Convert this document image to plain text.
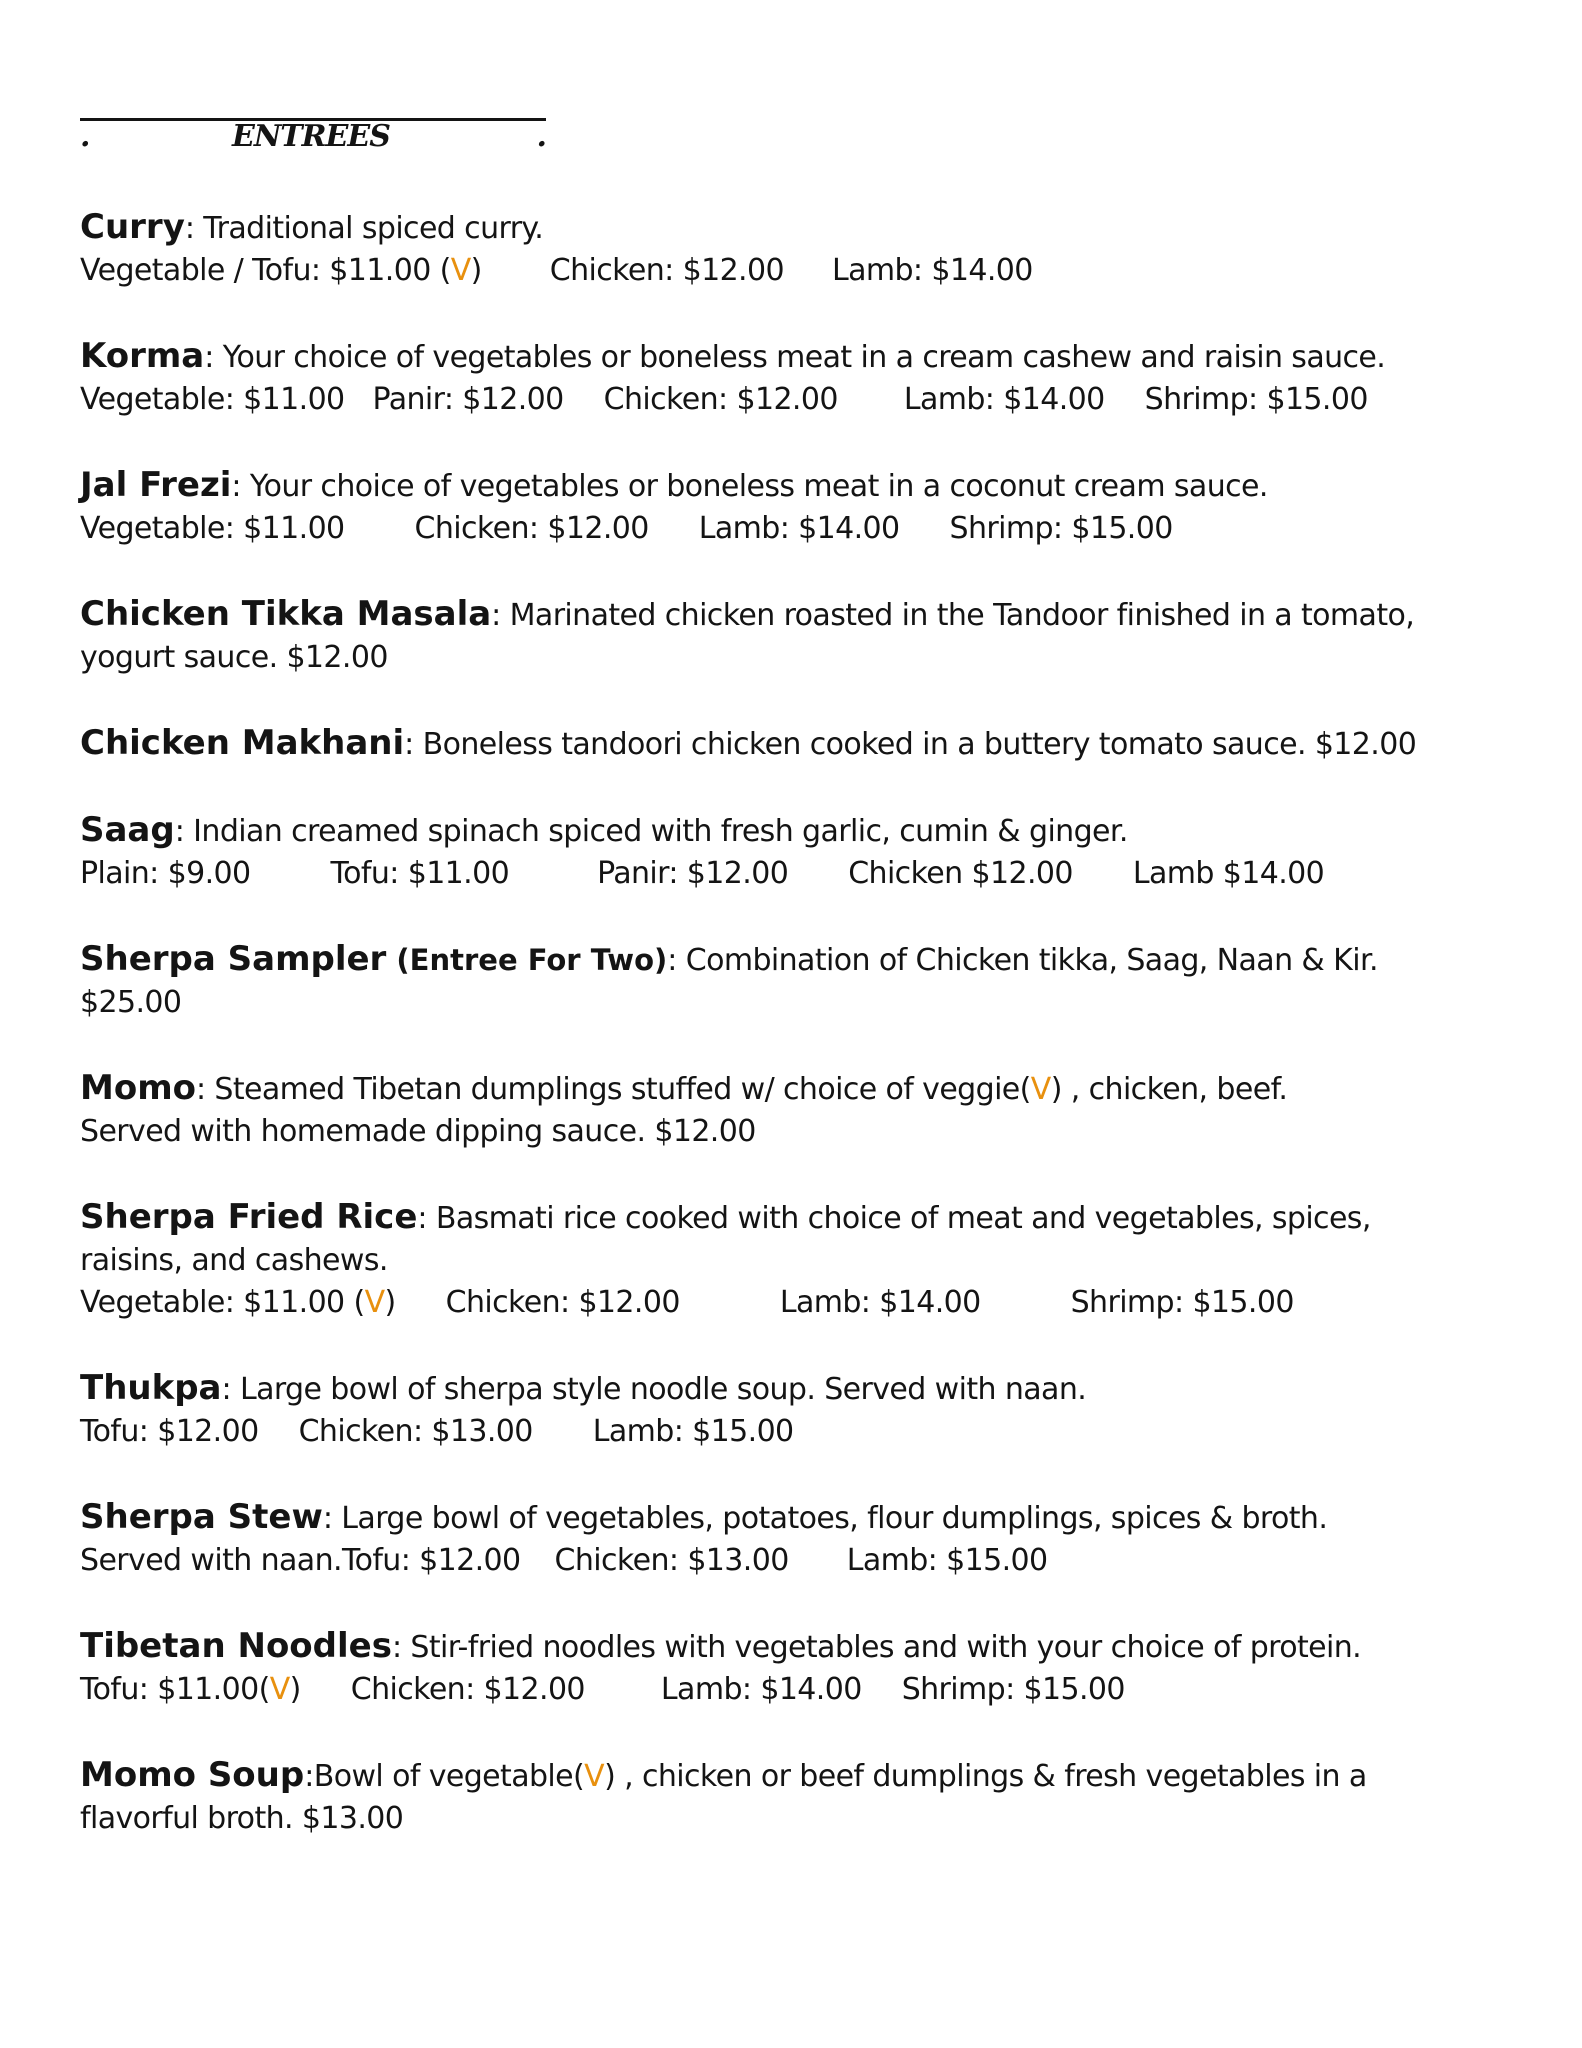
.	ENTREES	.
Curry: Traditional spiced curry.
Vegetable / Tofu: $11.00 (V) Chicken: $12.00 Lamb: $14.00
Korma: Your choice of vegetables or boneless meat in a cream cashew and raisin sauce.
Vegetable: $11.00 Panir: $12.00 Chicken: $12.00 Lamb: $14.00 Shrimp: $15.00
Jal Frezi: Your choice of vegetables or boneless meat in a coconut cream sauce.
Vegetable: $11.00 Chicken: $12.00 Lamb: $14.00 Shrimp: $15.00
Chicken Tikka Masala: Marinated chicken roasted in the Tandoor finished in a tomato,
yogurt sauce. $12.00
Chicken Makhani: Boneless tandoori chicken cooked in a buttery tomato sauce. $12.00
Saag: Indian creamed spinach spiced with fresh garlic, cumin & ginger.
Plain: $9.00	Tofu: $11.00	Panir: $12.00 Chicken $12.00 Lamb $14.00
Sherpa Sampler (Entree For Two): Combination of Chicken tikka, Saag, Naan & Kir.
$25.00
Momo: Steamed Tibetan dumplings stuffed w/ choice of veggie(V) , chicken, beef.
Served with homemade dipping sauce. $12.00
Sherpa Fried Rice: Basmati rice cooked with choice of meat and vegetables, spices,
raisins, and cashews.
Vegetable: $11.00 (V) Chicken: $12.00	Lamb: $14.00	Shrimp: $15.00
Thukpa: Large bowl of sherpa style noodle soup. Served with naan.
Tofu: $12.00 Chicken: $13.00 Lamb: $15.00
Sherpa Stew: Large bowl of vegetables, potatoes, flour dumplings, spices & broth.
Served with naan.Tofu: $12.00 Chicken: $13.00 Lamb: $15.00
Tibetan Noodles: Stir-fried noodles with vegetables and with your choice of protein.
Tofu: $11.00(V) Chicken: $12.00	Lamb: $14.00 Shrimp: $15.00
Momo Soup:Bowl of vegetable(V) , chicken or beef dumplings & fresh vegetables in a
flavorful broth. $13.00
